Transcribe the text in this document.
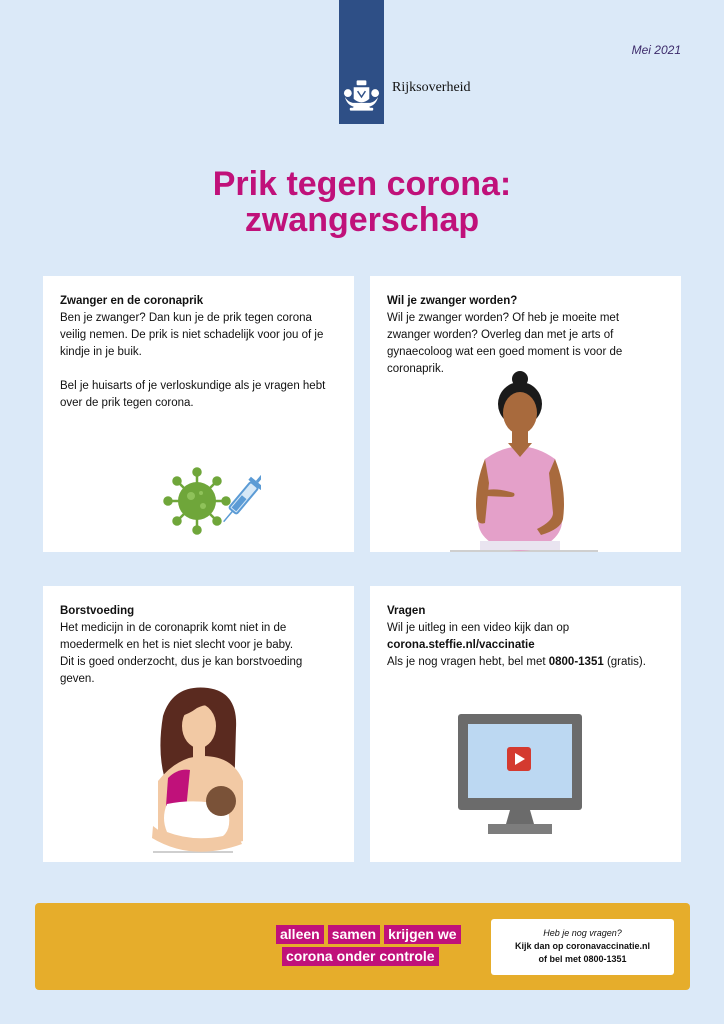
Rijksoverheid
Mei 2021
Prik tegen corona:
zwangerschap
Zwanger en de coronaprik

Ben je zwanger? Dan kun je de prik tegen corona veilig nemen. De prik is niet schadelijk voor jou of je kindje in je buik.

Bel je huisarts of je verloskundige als je vragen hebt over de prik tegen corona.

Wil je zwanger worden?

Wil je zwanger worden? Of heb je moeite met zwanger worden? Overleg dan met je arts of gynaecoloog wat een goed moment is voor de coronaprik.

Borstvoeding

Het medicijn in de coronaprik komt niet in de moedermelk en het is niet slecht voor je baby.

Dit is goed onderzocht, dus je kan borstvoeding geven.

Vragen

Wil je uitleg in een video kijk dan op

corona.steffie.nl/vaccinatie

Als je nog vragen hebt, bel met 0800-1351 (gratis).

alleen samen krijgen we
corona onder controle
Heb je nog vragen?
Kijk dan op coronavaccinatie.nl
of bel met 0800-1351
